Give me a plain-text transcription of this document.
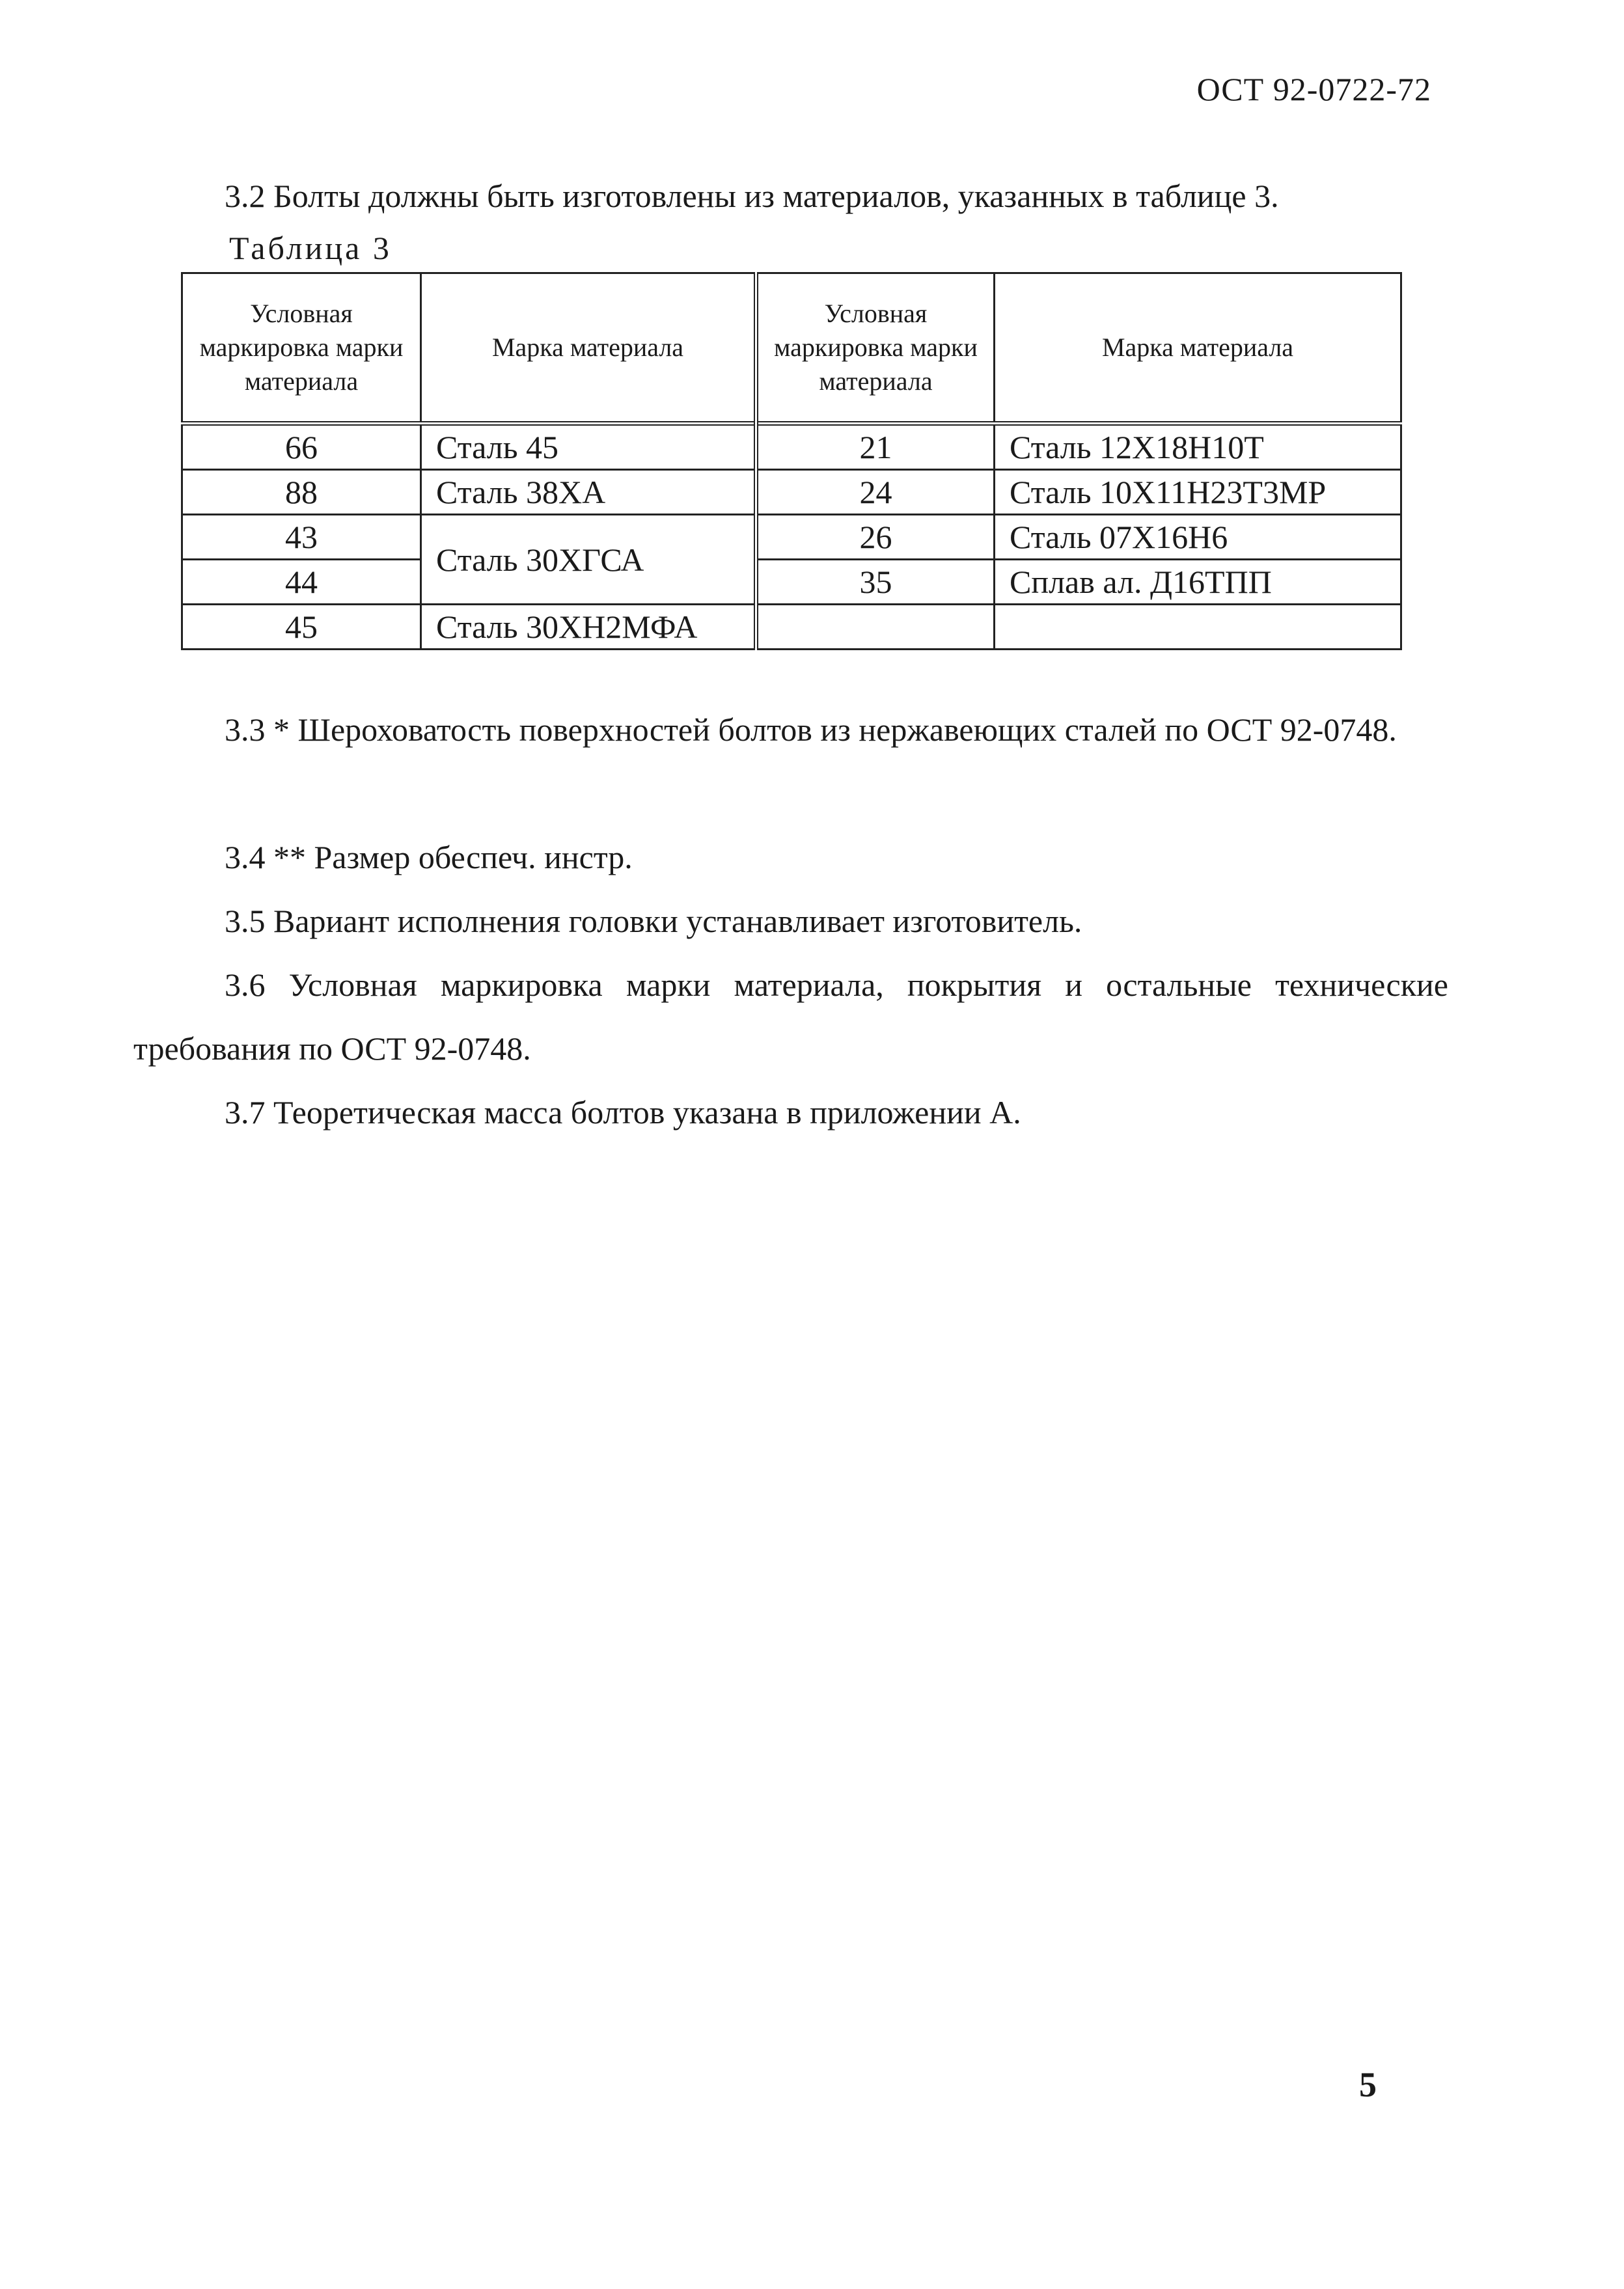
ОСТ 92-0722-72
3.2 Болты должны быть изготовлены из материалов, указанных в таблице 3.
Таблица 3
Условная маркировка марки материала	Марка материала	Условная маркировка марки материала	Марка материала
66	Сталь 45	21	Сталь 12Х18Н10Т
88	Сталь 38ХА	24	Сталь 10Х11Н23Т3МР
43	Сталь 30ХГСА	26	Сталь 07Х16Н6
44		35	Сплав ал. Д16ТПП
45	Сталь 30ХН2МФА		
3.3 * Шероховатость поверхностей болтов из нержавеющих сталей по ОСТ 92-0748.
3.4 ** Размер обеспеч. инстр.
3.5 Вариант исполнения головки устанавливает изготовитель.
3.6 Условная маркировка марки материала, покрытия и остальные технические требования по ОСТ 92-0748.
3.7 Теоретическая масса болтов указана в приложении А.
5
